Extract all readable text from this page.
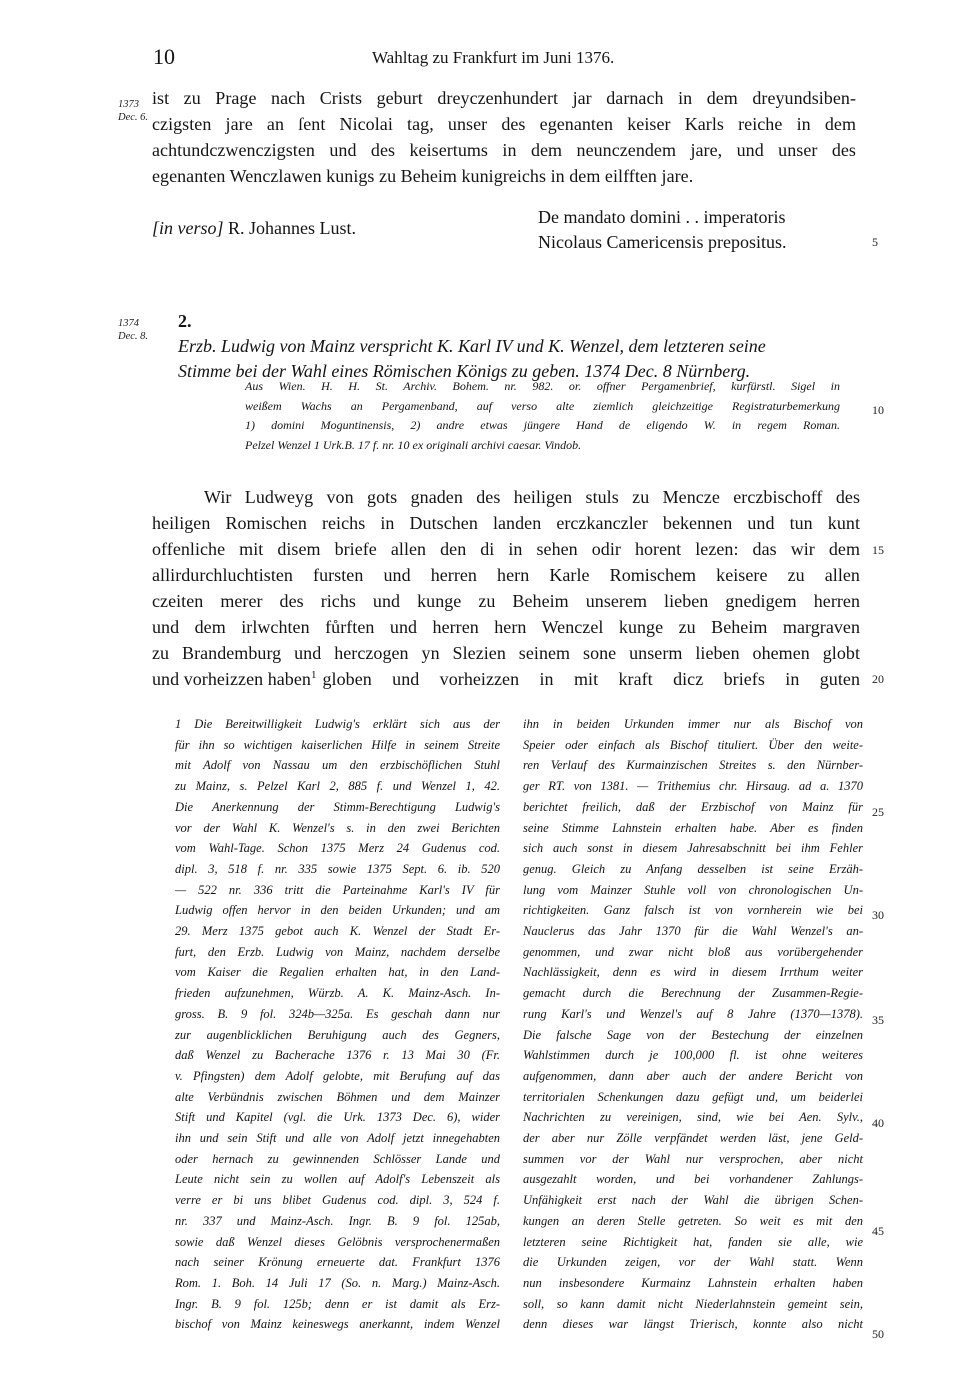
10	Wahltag zu Frankfurt im Juni 1376.
1373
Dec. 6.
1374
Dec. 8.
ist zu Prage nach Crists geburt dreyczenhundert jar darnach in dem dreyundsiben-
czigsten jare an ſent Nicolai tag, unser des egenanten keiser Karls reiche in dem
achtundczwenczigsten und des keisertums in dem neunczendem jare, und unser des
egenanten Wenczlawen kunigs zu Beheim kunigreichs in dem eilfften jare.
[in verso] R. Johannes Lust.
De mandato domini . . imperatoris
Nicolaus Camericensis prepositus.
2.
Erzb. Ludwig von Mainz verspricht K. Karl IV und K. Wenzel, dem letzteren seine
Stimme bei der Wahl eines Römischen Königs zu geben. 1374 Dec. 8 Nürnberg.
Aus Wien. H. H. St. Archiv. Bohem. nr. 982. or. offner Pergamenbrief, kurfürstl. Sigel in
weißem Wachs an Pergamenband, auf verso alte ziemlich gleichzeitige Registraturbemerkung
1) domini Moguntinensis, 2) andre etwas jüngere Hand de eligendo W. in regem Roman.
Pelzel Wenzel 1 Urk.B. 17 f. nr. 10 ex originali archivi caesar. Vindob.
Wir Ludweyg von gots gnaden des heiligen stuls zu Mencze erczbischoff des
heiligen Romischen reichs in Dutschen landen erczkanczler bekennen und tun kunt
offenliche mit disem briefe allen den di in sehen odir horent lezen: das wir dem
allirdurchluchtisten fursten und herren hern Karle Romischem keisere zu allen
czeiten merer des richs und kunge zu Beheim unserem lieben gnedigem herren
und dem irlwchten fůrften und herren hern Wenczel kunge zu Beheim margraven
zu Brandemburg und herczogen yn Slezien seinem sone unserm lieben ohemen globt
und vorheizzen haben$^1$ globen und vorheizzen in mit kraft dicz briefs in guten
5
10
15
20
25
30
35
40
45
50
1 Die Bereitwilligkeit Ludwig's erklärt sich aus der
für ihn so wichtigen kaiserlichen Hilfe in seinem Streite
mit Adolf von Nassau um den erzbischöflichen Stuhl
zu Mainz, s. Pelzel Karl 2, 885 f. und Wenzel 1, 42.
Die Anerkennung der Stimm-Berechtigung Ludwig's
vor der Wahl K. Wenzel's s. in den zwei Berichten
vom Wahl-Tage. Schon 1375 Merz 24 Gudenus cod.
dipl. 3, 518 f. nr. 335 sowie 1375 Sept. 6. ib. 520
— 522 nr. 336 tritt die Parteinahme Karl's IV für
Ludwig offen hervor in den beiden Urkunden; und am
29. Merz 1375 gebot auch K. Wenzel der Stadt Er-
furt, den Erzb. Ludwig von Mainz, nachdem derselbe
vom Kaiser die Regalien erhalten hat, in den Land-
frieden aufzunehmen, Würzb. A. K. Mainz-Asch. In-
gross. B. 9 fol. 324b—325a. Es geschah dann nur
zur augenblicklichen Beruhigung auch des Gegners,
daß Wenzel zu Bacherache 1376 r. 13 Mai 30 (Fr.
v. Pfingsten) dem Adolf gelobte, mit Berufung auf das
alte Verbündnis zwischen Böhmen und dem Mainzer
Stift und Kapitel (vgl. die Urk. 1373 Dec. 6), wider
ihn und sein Stift und alle von Adolf jetzt innegehabten
oder hernach zu gewinnenden Schlösser Lande und
Leute nicht sein zu wollen auf Adolf's Lebenszeit als
verre er bi uns blibet Gudenus cod. dipl. 3, 524 f.
nr. 337 und Mainz-Asch. Ingr. B. 9 fol. 125ab,
sowie daß Wenzel dieses Gelöbnis versprochenermaßen
nach seiner Krönung erneuerte dat. Frankfurt 1376
Rom. 1. Boh. 14 Juli 17 (So. n. Marg.) Mainz-Asch.
Ingr. B. 9 fol. 125b; denn er ist damit als Erz-
bischof von Mainz keineswegs anerkannt, indem Wenzel
ihn in beiden Urkunden immer nur als Bischof von
Speier oder einfach als Bischof tituliert. Über den weite-
ren Verlauf des Kurmainzischen Streites s. den Nürnber-
ger RT. von 1381. — Trithemius chr. Hirsaug. ad a. 1370
berichtet freilich, daß der Erzbischof von Mainz für
seine Stimme Lahnstein erhalten habe. Aber es finden
sich auch sonst in diesem Jahresabschnitt bei ihm Fehler
genug. Gleich zu Anfang desselben ist seine Erzäh-
lung vom Mainzer Stuhle voll von chronologischen Un-
richtigkeiten. Ganz falsch ist von vornherein wie bei
Nauclerus das Jahr 1370 für die Wahl Wenzel's an-
genommen, und zwar nicht bloß aus vorübergehender
Nachlässigkeit, denn es wird in diesem Irrthum weiter
gemacht durch die Berechnung der Zusammen-Regie-
rung Karl's und Wenzel's auf 8 Jahre (1370—1378).
Die falsche Sage von der Bestechung der einzelnen
Wahlstimmen durch je 100,000 fl. ist ohne weiteres
aufgenommen, dann aber auch der andere Bericht von
territorialen Schenkungen dazu gefügt und, um beiderlei
Nachrichten zu vereinigen, sind, wie bei Aen. Sylv.,
der aber nur Zölle verpfändet werden läst, jene Geld-
summen vor der Wahl nur versprochen, aber nicht
ausgezahlt worden, und bei vorhandener Zahlungs-
Unfähigkeit erst nach der Wahl die übrigen Schen-
kungen an deren Stelle getreten. So weit es mit den
letzteren seine Richtigkeit hat, fanden sie alle, wie
die Urkunden zeigen, vor der Wahl statt. Wenn
nun insbesondere Kurmainz Lahnstein erhalten haben
soll, so kann damit nicht Niederlahnstein gemeint sein,
denn dieses war längst Trierisch, konnte also nicht
